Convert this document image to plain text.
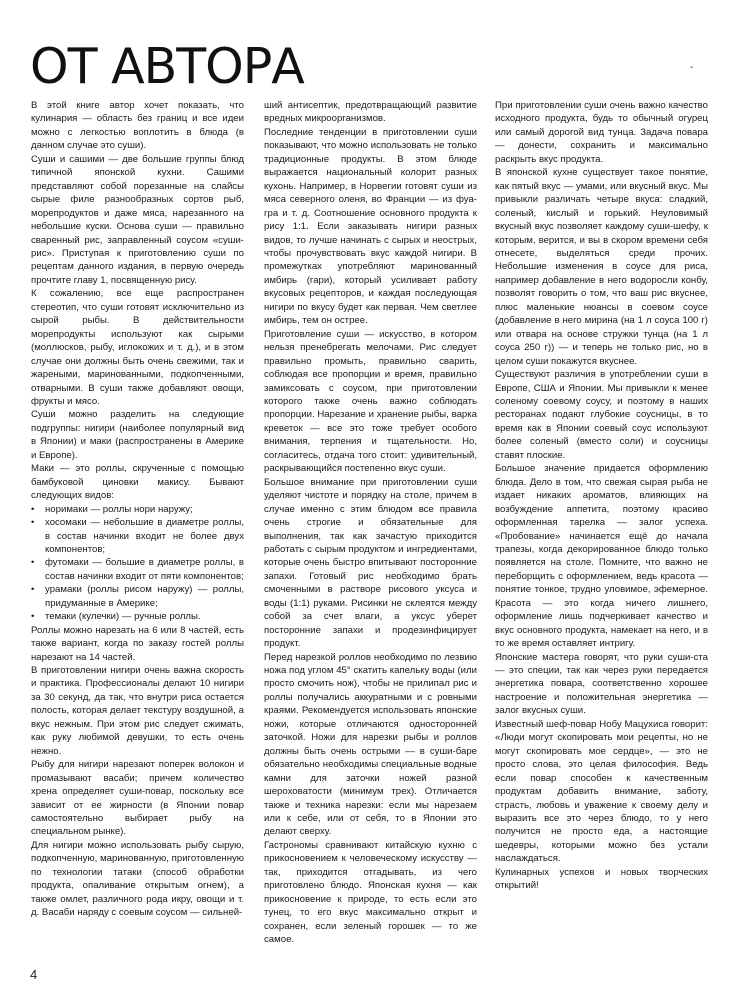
ОТ АВТОРА	-

В этой книге автор хочет показать, что кулинария — область без границ и все идеи можно с легкостью воплотить в блюда (в данном случае это суши).

Суши и сашими — две большие группы блюд типичной японской кухни. Сашими представляют собой порезанные на слайсы сырые филе разнообразных сортов рыб, морепродуктов и даже мяса, нарезанного на небольшие куски. Основа суши — правильно сваренный рис, заправленный соусом «суши-рис». Приступая к приготовлению суши по рецептам данного издания, в первую очередь прочтите главу 1, посвященную рису.

К сожалению, все еще распространен стереотип, что суши готовят исключительно из сырой рыбы. В действительности морепродукты используют как сырыми (моллюсков, рыбу, иглокожих и т. д.), и в этом случае они должны быть очень свежими, так и жареными, маринованными, подкопченными, отварными. В суши также добавляют овощи, фрукты и мясо.

Суши можно разделить на следующие подгруппы: нигири (наиболее популярный вид в Японии) и маки (распространены в Америке и Европе).

Маки — это роллы, скрученные с помощью бамбуковой циновки макису. Бывают следующих видов:

• норимаки — роллы нори наружу;

• хосомаки — небольшие в диаметре роллы, в состав начинки входит не более двух компонентов;

• футомаки — большие в диаметре роллы, в состав начинки входит от пяти компонентов;

• урамаки (роллы рисом наружу) — роллы, придуманные в Америке;

• темаки (кулечки) — ручные роллы.

Роллы можно нарезать на 6 или 8 частей, есть также вариант, когда по заказу гостей роллы нарезают на 14 частей.

В приготовлении нигири очень важна скорость и практика. Профессионалы делают 10 нигири за 30 секунд, да так, что внутри риса остается полость, которая делает текстуру воздушной, а вкус нежным. При этом рис следует сжимать, как руку любимой девушки, то есть очень нежно.

Рыбу для нигири нарезают поперек волокон и промазывают васаби; причем количество хрена определяет суши-повар, поскольку все зависит от ее жирности (в Японии повар самостоятельно выбирает рыбу на специальном рынке).

Для нигири можно использовать рыбу сырую, подкопченную, маринованную, приготовленную по технологии татаки (способ обработки продукта, опаливание открытым огнем), а также омлет, различного рода икру, овощи и т. д. Васаби наряду с соевым соусом — сильней-

ший антисептик, предотвращающий развитие вредных микроорганизмов.

Последние тенденции в приготовлении суши показывают, что можно использовать не только традиционные продукты. В этом блюде выражается национальный колорит разных кухонь. Например, в Норвегии готовят суши из мяса северного оленя, во Франции — из фуа-гра и т. д. Соотношение основного продукта к рису 1:1. Если заказывать нигири разных видов, то лучше начинать с сырых и неострых, чтобы прочувствовать вкус каждой нигири. В промежутках употребляют маринованный имбирь (гари), который усиливает работу вкусовых рецепторов, и каждая последующая нигири по вкусу будет как первая. Чем светлее имбирь, тем он острее.

Приготовление суши — искусство, в котором нельзя пренебрегать мелочами. Рис следует правильно промыть, правильно сварить, соблюдая все пропорции и время, правильно замиксовать с соусом, при приготовлении которого также очень важно соблюдать пропорции. Нарезание и хранение рыбы, варка креветок — все это тоже требует особого внимания, терпения и тщательности. Но, согласитесь, отдача того стоит: удивительный, раскрывающийся постепенно вкус суши.

Большое внимание при приготовлении суши уделяют чистоте и порядку на столе, причем в случае именно с этим блюдом все правила очень строгие и обязательные для выполнения, так как зачастую приходится работать с сырым продуктом и ингредиентами, которые очень быстро впитывают посторонние запахи. Готовый рис необходимо брать смоченными в растворе рисового уксуса и воды (1:1) руками. Рисинки не склеятся между собой за счет влаги, а уксус уберет посторонние запахи и продезинфицирует продукт.

Перед нарезкой роллов необходимо по лезвию ножа под углом 45° скатить капельку воды (или просто смочить нож), чтобы не прилипал рис и роллы получались аккуратными и с ровными краями. Рекомендуется использовать японские ножи, которые отличаются односторонней заточкой. Ножи для нарезки рыбы и роллов должны быть очень острыми — в суши-баре обязательно необходимы специальные водные камни для заточки ножей разной шероховатости (минимум трех). Отличается также и техника нарезки: если мы нарезаем или к себе, или от себя, то в Японии это делают сверху.

Гастрономы сравнивают китайскую кухню с прикосновением к человеческому искусству — так, приходится отгадывать, из чего приготовлено блюдо. Японская кухня — как прикосновение к природе, то есть если это тунец, то его вкус максимально открыт и сохранен, если зеленый горошек — то же самое.

При приготовлении суши очень важно качество исходного продукта, будь то обычный огурец или самый дорогой вид тунца. Задача повара — донести, сохранить и максимально раскрыть вкус продукта.

В японской кухне существует такое понятие, как пятый вкус — умами, или вкусный вкус. Мы привыкли различать четыре вкуса: сладкий, соленый, кислый и горький. Неуловимый вкусный вкус позволяет каждому суши-шефу, к которым, верится, и вы в скором времени себя отнесете, выделяться среди прочих. Небольшие изменения в соусе для риса, например добавление в него водоросли конбу, позволят говорить о том, что ваш рис вкуснее, плюс маленькие нюансы в соевом соусе (добавление в него мирина (на 1 л соуса 100 г) или отвара на основе стружки тунца (на 1 л соуса 250 г)) — и теперь не только рис, но в целом суши покажутся вкуснее.

Существуют различия в употреблении суши в Европе, США и Японии. Мы привыкли к менее соленому соевому соусу, и поэтому в наших ресторанах подают глубокие соусницы, в то время как в Японии соевый соус используют более соленый (вместо соли) и соусницы ставят плоские.

Большое значение придается оформлению блюда. Дело в том, что свежая сырая рыба не издает никаких ароматов, влияющих на возбуждение аппетита, поэтому красиво оформленная тарелка — залог успеха. «Пробование» начинается ещё до начала трапезы, когда декорированное блюдо только появляется на столе. Помните, что важно не переборщить с оформлением, ведь красота — понятие тонкое, трудно уловимое, эфемерное. Красота — это когда ничего лишнего, оформление лишь подчеркивает качество и вкус основного продукта, намекает на него, и в то же время оставляет интригу.

Японские мастера говорят, что руки суши-ста — это специи, так как через руки передается энергетика повара, соответственно хорошее настроение и положительная энергетика — залог вкусных суши.

Известный шеф-повар Нобу Мацухиса говорит: «Люди могут скопировать мои рецепты, но не могут скопировать мое сердце», — это не просто слова, это целая философия. Ведь если повар способен к качественным продуктам добавить внимание, заботу, страсть, любовь и уважение к своему делу и выразить все это через блюдо, то у него получится не просто еда, а настоящие шедевры, которыми можно без устали наслаждаться.

Кулинарных успехов и новых творческих открытий!

4
